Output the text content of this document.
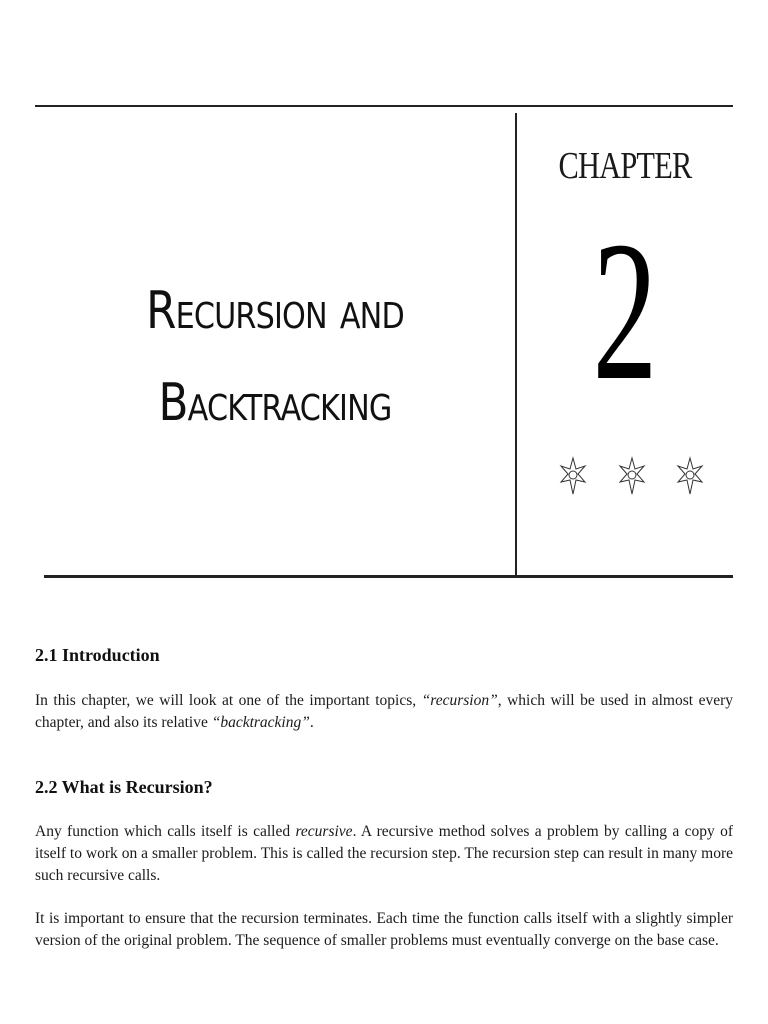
Recursion and
Backtracking
CHAPTER
2
2.1 Introduction

In this chapter, we will look at one of the important topics, “recursion”, which will be used in almost every chapter, and also its relative “backtracking”.

2.2 What is Recursion?

Any function which calls itself is called recursive. A recursive method solves a problem by calling a copy of itself to work on a smaller problem. This is called the recursion step. The recursion step can result in many more such recursive calls.

It is important to ensure that the recursion terminates. Each time the function calls itself with a slightly simpler version of the original problem. The sequence of smaller problems must eventually converge on the base case.
